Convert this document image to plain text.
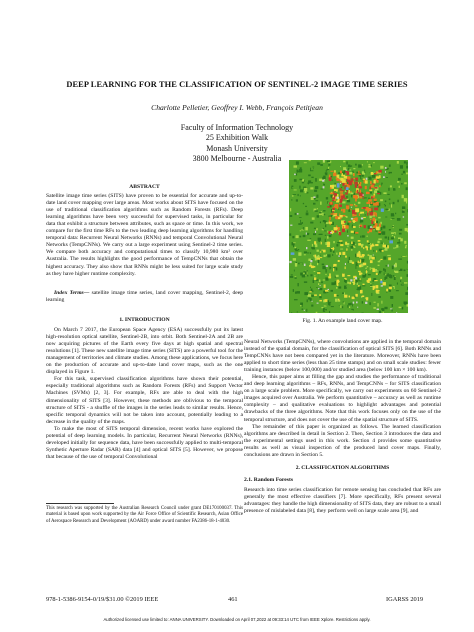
DEEP LEARNING FOR THE CLASSIFICATION OF SENTINEL-2 IMAGE TIME SERIES
Charlotte Pelletier, Geoffrey I. Webb, François Petitjean
Faculty of Information Technology
25 Exhibition Walk
Monash University
3800 Melbourne - Australia
ABSTRACT

Satellite image time series (SITS) have proven to be essential for accurate and up-to-date land cover mapping over large areas. Most works about SITS have focused on the use of traditional classification algorithms such as Random Forests (RFs). Deep learning algorithms have been very successful for supervised tasks, in particular for data that exhibit a structure between attributes, such as space or time. In this work, we compare for the first time RFs to the two leading deep learning algorithms for handling temporal data: Recurrent Neural Networks (RNNs) and temporal Convolutional Neural Networks (TempCNNs). We carry out a large experiment using Sentinel-2 time series. We compare both accuracy and computational times to classify 10,980 km² over Australia. The results highlights the good performance of TempCNNs that obtain the highest accuracy. They also show that RNNs might be less suited for large scale study as they have higher runtime complexity.

Index Terms— satellite image time series, land cover mapping, Sentinel-2, deep learning

1. INTRODUCTION

On March 7 2017, the European Space Agency (ESA) successfully put its latest high-resolution optical satellite, Sentinel-2B, into orbit. Both Sentinel-2A and 2B are now acquiring pictures of the Earth every five days at high spatial and spectral resolutions [1]. These new satellite image time series (SITS) are a powerful tool for the management of territories and climate studies. Among these applications, we focus here on the production of accurate and up-to-date land cover maps, such as the one displayed in Figure 1.

For this task, supervised classification algorithms have shown their potential, especially traditional algorithms such as Random Forests (RFs) and Support Vector Machines (SVMs) [2, 3]. For example, RFs are able to deal with the high dimensionality of SITS [3]. However, these methods are oblivious to the temporal structure of SITS - a shuffle of the images in the series leads to similar results. Hence, specific temporal dynamics will not be taken into account, potentially leading to a decrease in the quality of the maps.

To make the most of SITS temporal dimension, recent works have explored the potential of deep learning models. In particular, Recurrent Neural Networks (RNNs), developed initially for sequence data, have been successfully applied to multi-temporal Synthetic Aperture Radar (SAR) data [4] and optical SITS [5]. However, we propose that because of the use of temporal Convolutional

This research was supported by the Australian Research Council under grant DE170100037. This material is based upon work supported by the Air Force Office of Scientific Research, Asian Office of Aerospace Research and Development (AOARD) under award number FA2386-18-1-4030.
Fig. 1. An example land cover map.

Neural Networks (TempCNNs), where convolutions are applied in the temporal domain instead of the spatial domain, for the classification of optical SITS [6]. Both RNNs and TempCNNs have not been compared yet in the literature. Moreover, RNNs have been applied to short time series (less than 25 time stamps) and on small scale studies: fewer training instances (below 100,000) and/or studied area (below 100 km × 100 km).

Hence, this paper aims at filling the gap and studies the performance of traditional and deep learning algorithms – RFs, RNNs, and TempCNNs – for SITS classification on a large scale problem. More specifically, we carry out experiments on 60 Sentinel-2 images acquired over Australia. We perform quantitative – accuracy as well as runtime complexity – and qualitative evaluations to highlight advantages and potential drawbacks of the three algorithms. Note that this work focuses only on the use of the temporal structure, and does not cover the use of the spatial structure of SITS.

The remainder of this paper is organized as follows. The learned classification algorithms are described in detail in Section 2. Then, Section 3 introduces the data and the experimental settings used in this work. Section 4 provides some quantitative results as well as visual inspection of the produced land cover maps. Finally, conclusions are drawn in Section 5.

2. CLASSIFICATION ALGORITHMS
2.1. Random Forests

Research into time series classification for remote sensing has concluded that RFs are generally the most effective classifiers [7]. More specifically, RFs present several advantages: they handle the high dimensionality of SITS data, they are robust to a small presence of mislabeled data [8], they perform well on large scale area [9], and

978-1-5386-9154-0/19/$31.00 ©2019 IEEE	461	IGARSS 2019
Authorized licensed use limited to: ANNA UNIVERSITY. Downloaded on April 07,2022 at 09:33:14 UTC from IEEE Xplore. Restrictions apply.
